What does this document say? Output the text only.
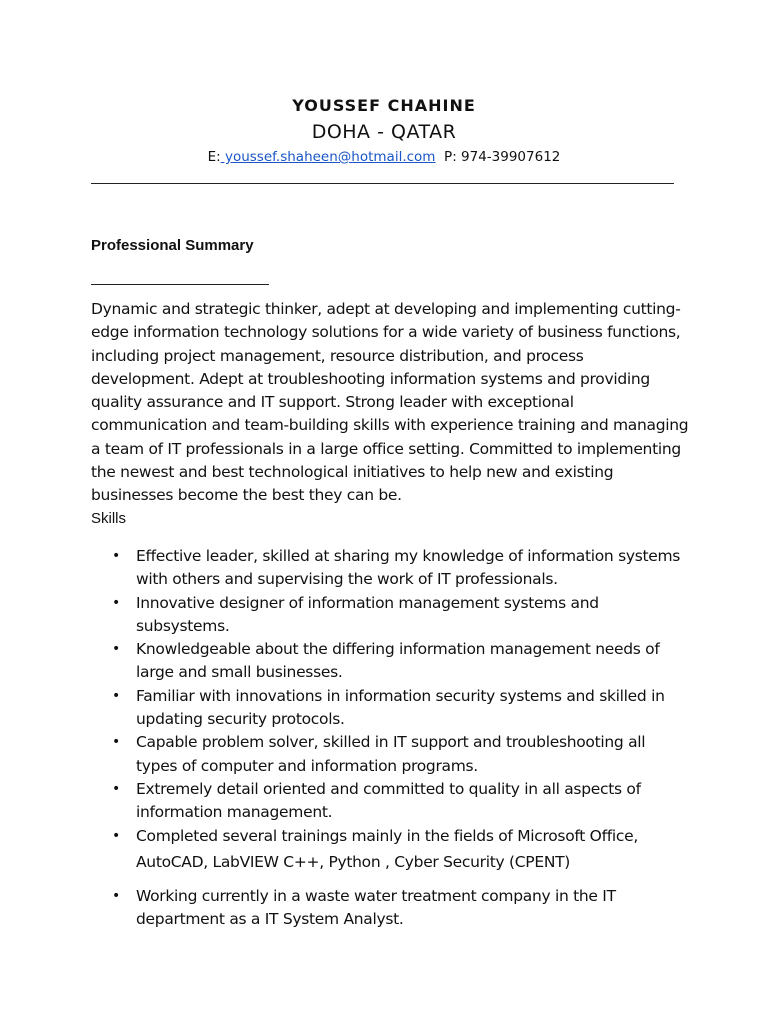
YOUSSEF CHAHINE
DOHA - QATAR
E: youssef.shaheen@hotmail.com P: 974-39907612
Professional Summary

Dynamic and strategic thinker, adept at developing and implementing cutting-edge information technology solutions for a wide variety of business functions, including project management, resource distribution, and process development. Adept at troubleshooting information systems and providing quality assurance and IT support. Strong leader with exceptional communication and team-building skills with experience training and managing a team of IT professionals in a large office setting. Committed to implementing the newest and best technological initiatives to help new and existing businesses become the best they can be.

Skills
• Effective leader, skilled at sharing my knowledge of information systems with others and supervising the work of IT professionals.
• Innovative designer of information management systems and subsystems.
• Knowledgeable about the differing information management needs of large and small businesses.
• Familiar with innovations in information security systems and skilled in updating security protocols.
• Capable problem solver, skilled in IT support and troubleshooting all types of computer and information programs.
• Extremely detail oriented and committed to quality in all aspects of information management.
• Completed several trainings mainly in the fields of Microsoft Office, AutoCAD, LabVIEW C++, Python , Cyber Security (CPENT)
• Working currently in a waste water treatment company in the IT department as a IT System Analyst.
